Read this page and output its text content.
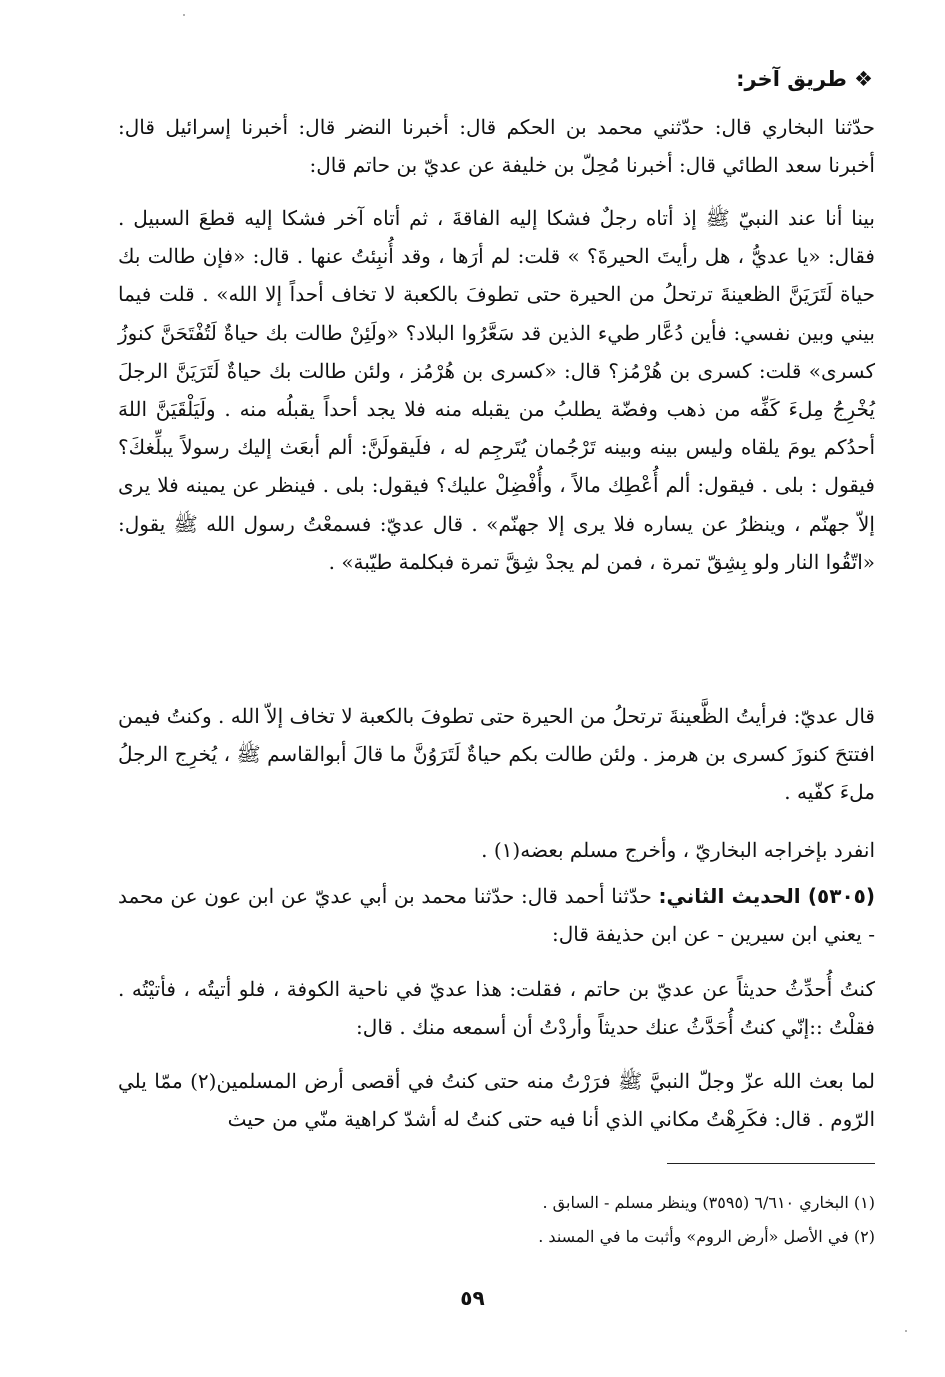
❖ طريق آخر:
حدّثنا البخاري قال: حدّثني محمد بن الحكم قال: أخبرنا النضر قال: أخبرنا إسرائيل قال: أخبرنا سعد الطائي قال: أخبرنا مُحِلّ بن خليفة عن عديّ بن حاتم قال:
بينا أنا عند النبيّ ﷺ إذ أتاه رجلٌ فشكا إليه الفاقةَ ، ثم أتاه آخر فشكا إليه قطعَ السبيل . فقال: «يا عديُّ ، هل رأيتَ الحيرةَ؟ » قلت: لم أرَها ، وقد أُنبِئتُ عنها . قال: «فإن طالت بك حياة لَتَرَيَنَّ الظعينةَ ترتحلُ من الحيرة حتى تطوفَ بالكعبة لا تخاف أحداً إلا الله» . قلت فيما بيني وبين نفسي: فأين دُعَّار طيء الذين قد سَعَّرُوا البلاد؟ «ولَئِنْ طالت بك حياةٌ لَتُفْتَحَنَّ كنوزُ كسرى» قلت: كسرى بن هُرْمُز؟ قال: «كسرى بن هُرْمُز ، ولئن طالت بك حياةٌ لَتَرَيَنَّ الرجلَ يُخْرِجُ مِلءَ كَفِّه من ذهب وفضّة يطلبُ من يقبله منه فلا يجد أحداً يقبلُه منه . ولَيَلْقَيَنَّ اللهَ أحدُكم يومَ يلقاه وليس بينه وبينه تَرْجُمان يُتَرجِم له ، فلَيقولَنَّ: ألم أبعَث إليك رسولاً يبلِّغكَ؟ فيقول : بلى . فيقول: ألم أُعْطِك مالاً ، وأُفْضِلْ عليك؟ فيقول: بلى . فينظر عن يمينه فلا يرى إلاّ جهنّم ، وينظرُ عن يساره فلا يرى إلا جهنّم» . قال عديّ: فسمعْتُ رسول الله ﷺ يقول: «اتّقُوا النار ولو بِشِقّ تمرة ، فمن لم يجدْ شِقَّ تمرة فبكلمة طيّبة» .
قال عديّ: فرأيتُ الظَّعينةَ ترتحلُ من الحيرة حتى تطوفَ بالكعبة لا تخاف إلاّ الله . وكنتُ فيمن افتتحَ كنوزَ كسرى بن هرمز . ولئن طالت بكم حياةٌ لَتَرَوُنَّ ما قالَ أبوالقاسم ﷺ ، يُخرِج الرجلُ ملءَ كفّيه .
انفرد بإخراجه البخاريّ ، وأخرج مسلم بعضه(١) .
(٥٣٠٥) الحديث الثاني: حدّثنا أحمد قال: حدّثنا محمد بن أبي عديّ عن ابن عون عن محمد - يعني ابن سيرين - عن ابن حذيفة قال:
كنتُ أُحدِّثُ حديثاً عن عديّ بن حاتم ، فقلت: هذا عديّ في ناحية الكوفة ، فلو أتيتُه ، فأتيْتُه . فقلْتُ ::إنّي كنتُ أُحَدَّثُ عنك حديثاً وأردْتُ أن أسمعه منك . قال:
لما بعث الله عزّ وجلّ النبيَّ ﷺ فرَرْتُ منه حتى كنتُ في أقصى أرض المسلمين(٢) ممّا يلي الرّوم . قال: فكَرِهْتُ مكاني الذي أنا فيه حتى كنتُ له أشدّ كراهية منّي من حيث
(١) البخاري ٦/٦١٠ (٣٥٩٥) وينظر مسلم - السابق .
(٢) في الأصل «أرض الروم» وأثبت ما في المسند .
٥٩
